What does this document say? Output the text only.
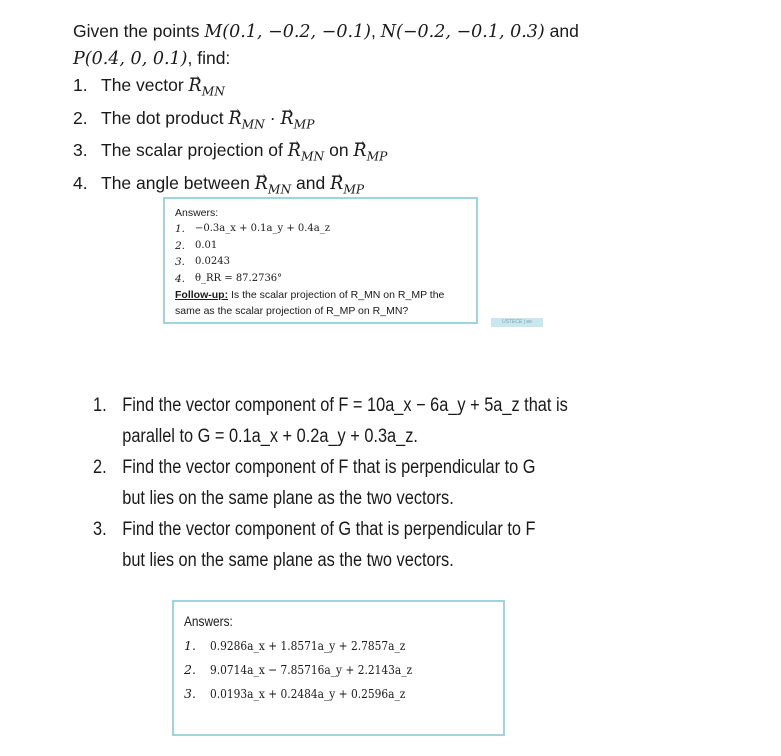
Given the points M(0.1, −0.2, −0.1), N(−0.2, −0.1, 0.3) and
P(0.4, 0, 0.1), find:

1. The vector → $R_{MN}$
2. The dot product → $R_{MN}$ · → $R_{MP}$
3. The scalar projection of → $R_{MN}$ on → $R_{MP}$
4. The angle between → $R_{MN}$ and → $R_{MP}$
Answers:
1. −0.3a_x + 0.1a_y + 0.4a_z
2. 0.01
3. 0.0243
4. θ_RR = 87.2736°
Follow-up: Is the scalar projection of R_MN on R_MP the same as the scalar projection of R_MP on R_MN?
USTECE | ee
1. Find the vector component of F = 10a_x − 6a_y + 5a_z that is
parallel to G = 0.1a_x + 0.2a_y + 0.3a_z.
2. Find the vector component of F that is perpendicular to G
but lies on the same plane as the two vectors.
3. Find the vector component of G that is perpendicular to F
but lies on the same plane as the two vectors.
Answers:
1.	0.9286a_x + 1.8571a_y + 2.7857a_z
2.	9.0714a_x − 7.85716a_y + 2.2143a_z
3.	0.0193a_x + 0.2484a_y + 0.2596a_z
